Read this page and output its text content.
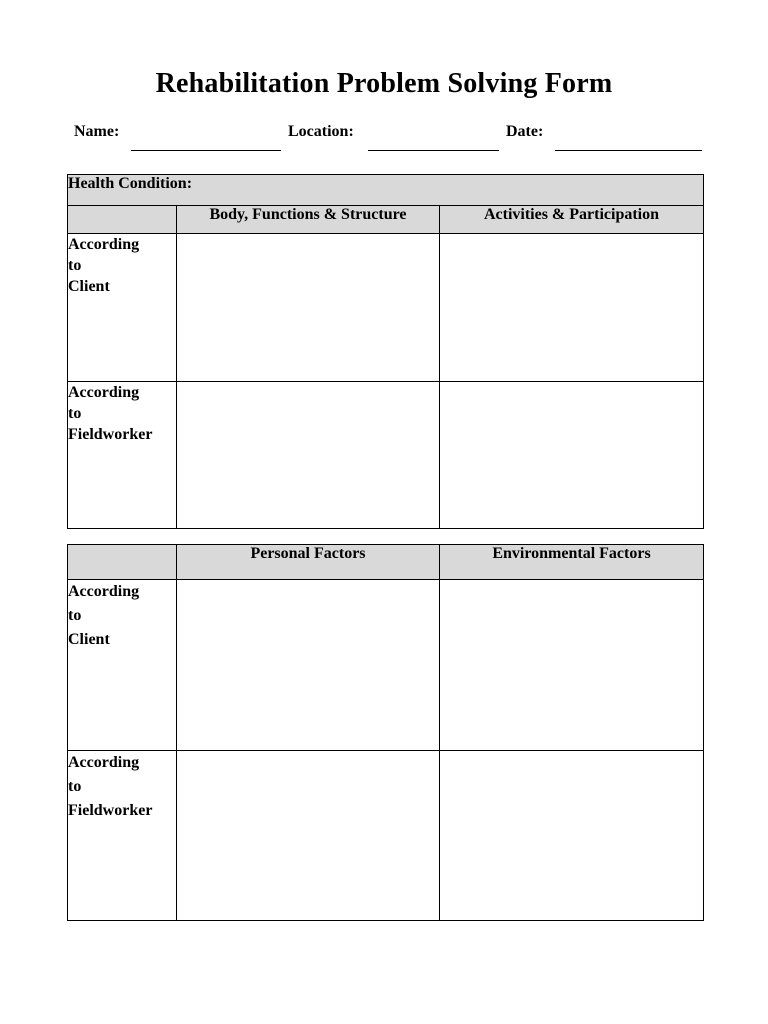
Rehabilitation Problem Solving Form
Name:	Location:	Date:
Health Condition:		
	Body, Functions & Structure	Activities & Participation
According
to
Client		
According
to
Fieldworker		
	Personal Factors	Environmental Factors
According
to
Client		
According
to
Fieldworker		
